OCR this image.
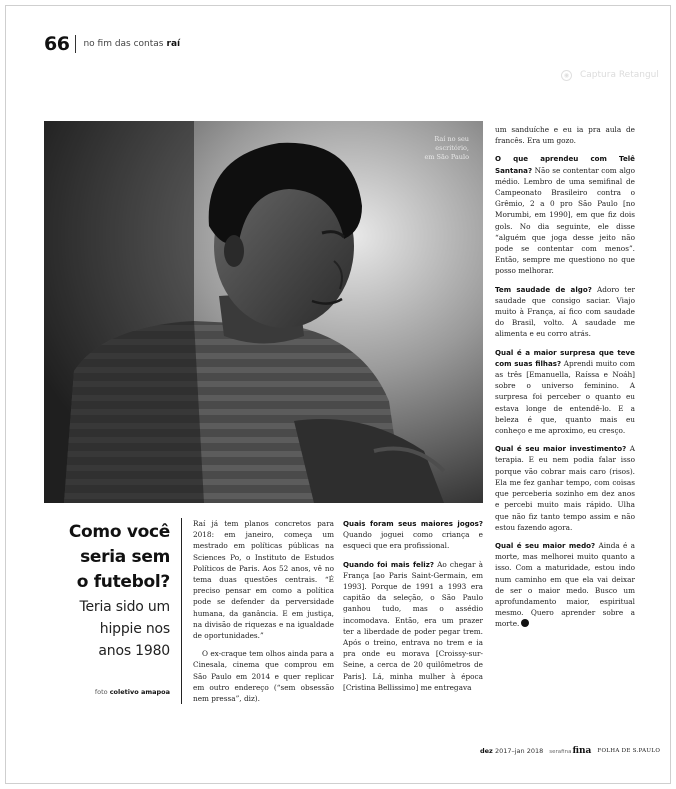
66 no fim das contas raí
◉	Captura Retangul
Raí no seu
escritório,
em São Paulo
Como você
seria sem
o futebol?
Teria sido um
hippie nos
anos 1980
foto coletivo amapoa

Raí já tem planos concretos para 2018: em janeiro, começa um mestrado em políticas públicas na Sciences Po, o Instituto de Estudos Políticos de Paris. Aos 52 anos, vê no tema duas questões centrais. “É preciso pensar em como a política pode se defender da perversidade humana, da ganância. E em justiça, na divisão de riquezas e na igualdade de oportunidades.”

O ex-craque tem olhos ainda para a Cinesala, cinema que comprou em São Paulo em 2014 e quer replicar em outro endereço (“sem obsessão nem pressa”, diz).

Quais foram seus maiores jogos? Quando joguei como criança e esqueci que era profissional.

Quando foi mais feliz? Ao chegar à França [ao Paris Saint-Germain, em 1993]. Porque de 1991 a 1993 era capitão da seleção, o São Paulo ganhou tudo, mas o assédio incomodava. Então, era um prazer ter a liberdade de poder pegar trem. Após o treino, entrava no trem e ia pra onde eu morava [Croissy-sur-Seine, a cerca de 20 quilômetros de Paris]. Lá, minha mulher à época [Cristina Bellissimo] me entregava

um sanduíche e eu ia pra aula de francês. Era um gozo.

O que aprendeu com Telê Santana? Não se contentar com algo médio. Lembro de uma semifinal de Campeonato Brasileiro contra o Grêmio, 2 a 0 pro São Paulo [no Morumbi, em 1990], em que fiz dois gols. No dia seguinte, ele disse “alguém que joga desse jeito não pode se contentar com menos”. Então, sempre me questiono no que posso melhorar.

Tem saudade de algo? Adoro ter saudade que consigo saciar. Viajo muito à França, aí fico com saudade do Brasil, volto. A saudade me alimenta e eu corro atrás.

Qual é a maior surpresa que teve com suas filhas? Aprendi muito com as três [Emanuella, Raíssa e Noáh] sobre o universo feminino. A surpresa foi perceber o quanto eu estava longe de entendê-lo. E a beleza é que, quanto mais eu conheço e me aproximo, eu cresço.

Qual é seu maior investimento? A terapia. E eu nem podia falar isso porque vão cobrar mais caro (risos). Ela me fez ganhar tempo, com coisas que perceberia sozinho em dez anos e percebi muito mais rápido. Ulha que não fiz tanto tempo assim e não estou fazendo agora.

Qual é seu maior medo? Ainda é a morte, mas melhorei muito quanto a isso. Com a maturidade, estou indo num caminho em que ela vai deixar de ser o maior medo. Busco um aprofundamento maior, espiritual mesmo. Quero aprender sobre a morte.

dez 2017–jan 2018 serafinafina FOLHA DE S.PAULO
